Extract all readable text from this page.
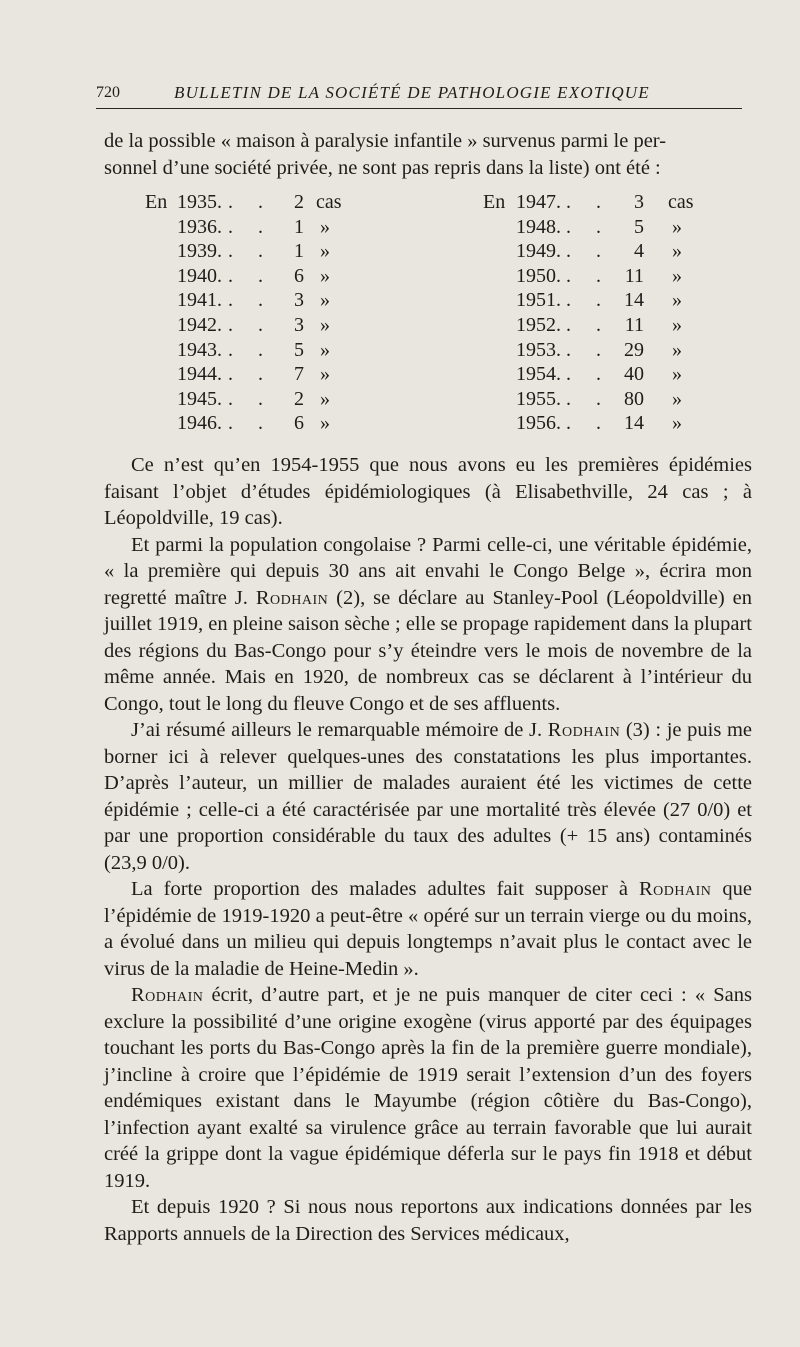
720	BULLETIN DE LA SOCIÉTÉ DE PATHOLOGIE EXOTIQUE
de la possible « maison à paralysie infantile » survenus parmi le per-
sonnel d’une société privée, ne sont pas repris dans la liste) ont été :
En 1935. . .	2 cas
1936. . .	1 »
1939. . .	1 »
1940. . .	6 »
1941. . .	3 »
1942. . .	3 »
1943. . .	5 »
1944. . .	7 »
1945. . .	2 »
1946. . .	6 »
En 1947. . .	3 cas
1948. . .	5 »
1949. . .	4 »
1950. . . 11 »
1951. . . 14 »
1952. . . 11 »
1953. . . 29 »
1954. . . 40 »
1955. . . 80 »
1956. . . 14 »

Ce n’est qu’en 1954-1955 que nous avons eu les premières épidémies faisant l’objet d’études épidémiologiques (à Elisabethville, 24 cas ; à Léopoldville, 19 cas).

Et parmi la population congolaise ? Parmi celle-ci, une véritable épidémie, « la première qui depuis 30 ans ait envahi le Congo Belge », écrira mon regretté maître J. Rodhain (2), se déclare au Stanley-Pool (Léopoldville) en juillet 1919, en pleine saison sèche ; elle se propage rapidement dans la plupart des régions du Bas-Congo pour s’y éteindre vers le mois de novembre de la même année. Mais en 1920, de nombreux cas se déclarent à l’intérieur du Congo, tout le long du fleuve Congo et de ses affluents.

J’ai résumé ailleurs le remarquable mémoire de J. Rodhain (3) : je puis me borner ici à relever quelques-unes des constatations les plus importantes. D’après l’auteur, un millier de malades auraient été les victimes de cette épidémie ; celle-ci a été caractérisée par une mortalité très élevée (27 0/0) et par une proportion considérable du taux des adultes (+ 15 ans) contaminés (23,9 0/0).

La forte proportion des malades adultes fait supposer à Rodhain que l’épidémie de 1919-1920 a peut-être « opéré sur un terrain vierge ou du moins, a évolué dans un milieu qui depuis longtemps n’avait plus le contact avec le virus de la maladie de Heine-Medin ».

Rodhain écrit, d’autre part, et je ne puis manquer de citer ceci : « Sans exclure la possibilité d’une origine exogène (virus apporté par des équipages touchant les ports du Bas-Congo après la fin de la première guerre mondiale), j’incline à croire que l’épidémie de 1919 serait l’extension d’un des foyers endémiques existant dans le Mayumbe (région côtière du Bas-Congo), l’infection ayant exalté sa virulence grâce au terrain favorable que lui aurait créé la grippe dont la vague épidémique déferla sur le pays fin 1918 et début 1919.

Et depuis 1920 ? Si nous nous reportons aux indications données par les Rapports annuels de la Direction des Services médicaux,
